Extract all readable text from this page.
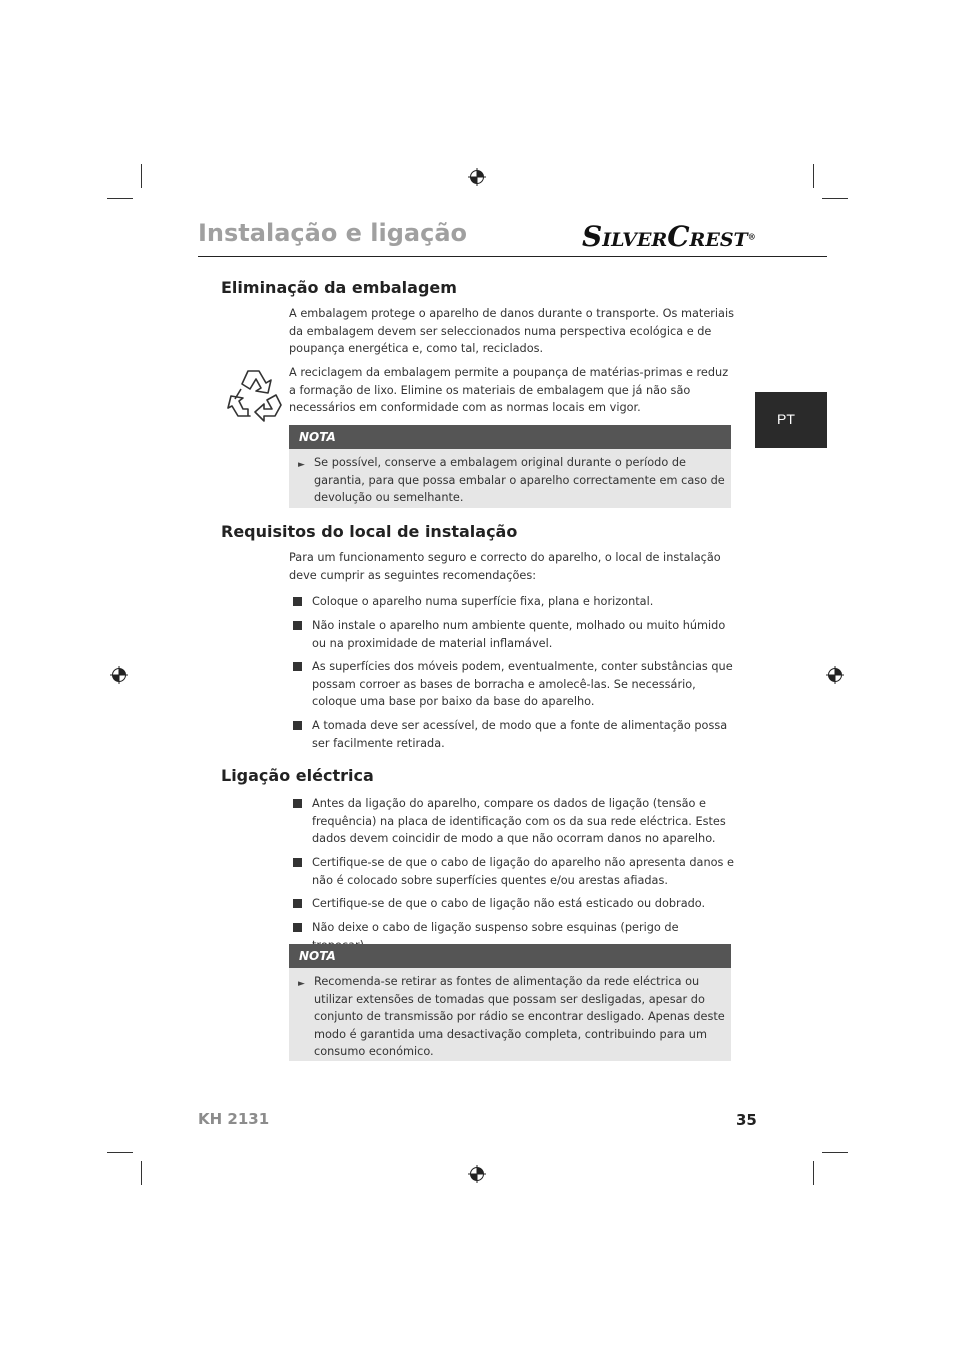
Instalação e ligação	SILVERCREST®
PT
Eliminação da embalagem
A embalagem protege o aparelho de danos durante o transporte. Os materiais da embalagem devem ser seleccionados numa perspectiva ecológica e de poupança energética e, como tal, reciclados.
A reciclagem da embalagem permite a poupança de matérias-primas e reduz a formação de lixo. Elimine os materiais de embalagem que já não são necessários em conformidade com as normas locais em vigor.
NOTA
► Se possível, conserve a embalagem original durante o período de garantia, para que possa embalar o aparelho correctamente em caso de devolução ou semelhante.
Requisitos do local de instalação
Para um funcionamento seguro e correcto do aparelho, o local de instalação deve cumprir as seguintes recomendações:
Coloque o aparelho numa superfície fixa, plana e horizontal.
Não instale o aparelho num ambiente quente, molhado ou muito húmido ou na proximidade de material inflamável.
As superfícies dos móveis podem, eventualmente, conter substâncias que possam corroer as bases de borracha e amolecê-las. Se necessário, coloque uma base por baixo da base do aparelho.
A tomada deve ser acessível, de modo que a fonte de alimentação possa ser facilmente retirada.
Ligação eléctrica
Antes da ligação do aparelho, compare os dados de ligação (tensão e frequência) na placa de identificação com os da sua rede eléctrica. Estes dados devem coincidir de modo a que não ocorram danos no aparelho.
Certifique-se de que o cabo de ligação do aparelho não apresenta danos e não é colocado sobre superfícies quentes e/ou arestas afiadas.
Certifique-se de que o cabo de ligação não está esticado ou dobrado.
Não deixe o cabo de ligação suspenso sobre esquinas (perigo de
NOTA
► Recomenda-se retirar as fontes de alimentação da rede eléctrica ou utilizar extensões de tomadas que possam ser desligadas, apesar do conjunto de transmissão por rádio se encontrar desligado. Apenas deste modo é garantida uma desactivação completa, contribuindo para um consumo económico.
KH 2131	35
